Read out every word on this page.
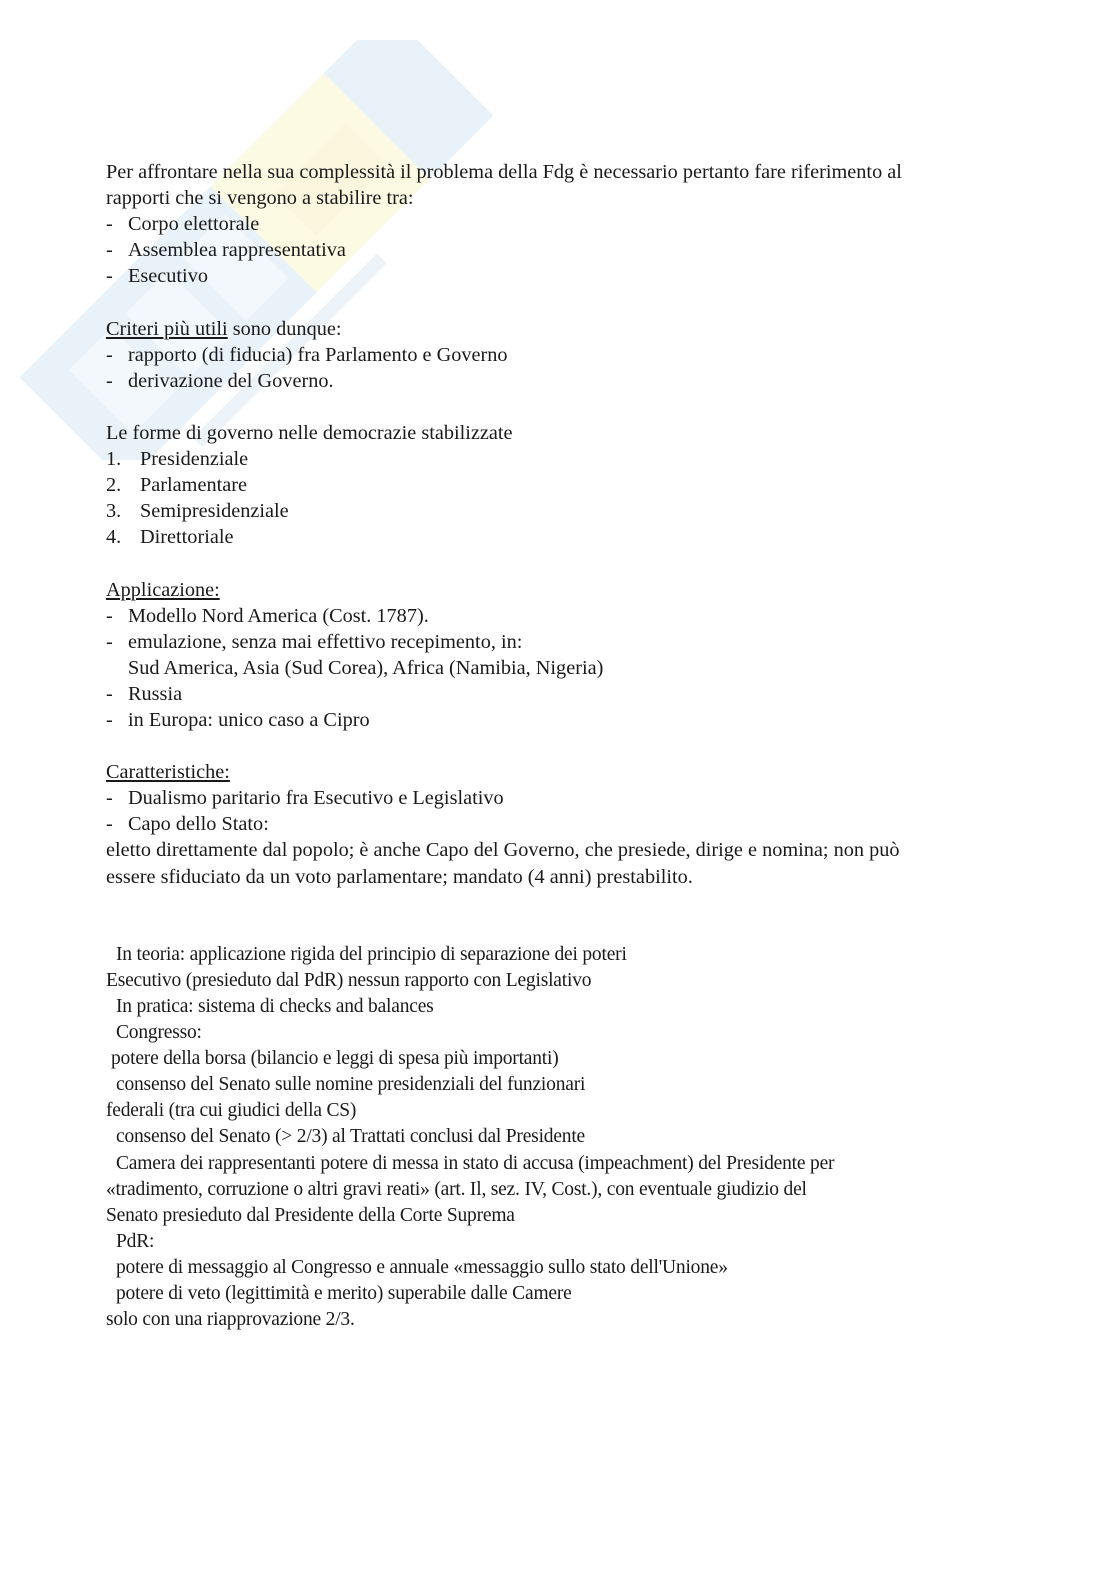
Per affrontare nella sua complessità il problema della Fdg è necessario pertanto fare riferimento al
rapporti che si vengono a stabilire tra:
- Corpo elettorale
- Assemblea rappresentativa
- Esecutivo
Criteri più utili sono dunque:
- rapporto (di fiducia) fra Parlamento e Governo
- derivazione del Governo.
Le forme di governo nelle democrazie stabilizzate
1. Presidenziale
2. Parlamentare
3. Semipresidenziale
4. Direttoriale
Applicazione:
- Modello Nord America (Cost. 1787).
- emulazione, senza mai effettivo recepimento, in:
Sud America, Asia (Sud Corea), Africa (Namibia, Nigeria)
- Russia
- in Europa: unico caso a Cipro
Caratteristiche:
- Dualismo paritario fra Esecutivo e Legislativo
- Capo dello Stato:
eletto direttamente dal popolo; è anche Capo del Governo, che presiede, dirige e nomina; non può
essere sfiduciato da un voto parlamentare; mandato (4 anni) prestabilito.
In teoria: applicazione rigida del principio di separazione dei poteri
Esecutivo (presieduto dal PdR) nessun rapporto con Legislativo
In pratica: sistema di checks and balances
Congresso:
potere della borsa (bilancio e leggi di spesa più importanti)
consenso del Senato sulle nomine presidenziali del funzionari
federali (tra cui giudici della CS)
consenso del Senato (> 2/3) al Trattati conclusi dal Presidente
Camera dei rappresentanti potere di messa in stato di accusa (impeachment) del Presidente per
«tradimento, corruzione o altri gravi reati» (art. Il, sez. IV, Cost.), con eventuale giudizio del
Senato presieduto dal Presidente della Corte Suprema
PdR:
potere di messaggio al Congresso e annuale «messaggio sullo stato dell'Unione»
potere di veto (legittimità e merito) superabile dalle Camere
solo con una riapprovazione 2/3.
